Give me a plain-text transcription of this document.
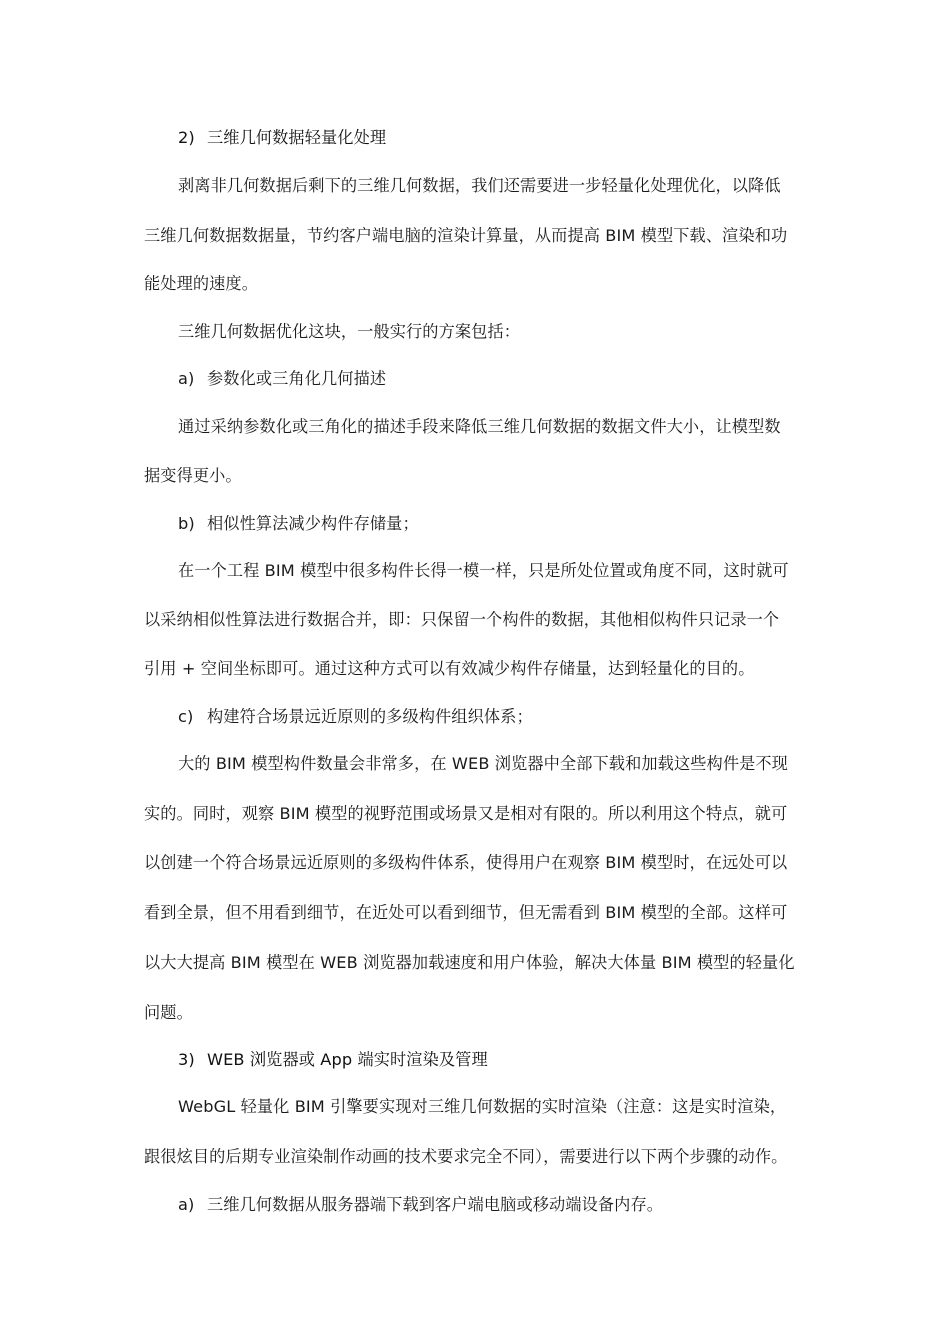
2) 三维几何数据轻量化处理
剥离非几何数据后剩下的三维几何数据，我们还需要进一步轻量化处理优化，以降低
三维几何数据数据量，节约客户端电脑的渲染计算量，从而提高 BIM 模型下载、渲染和功
能处理的速度。
三维几何数据优化这块，一般实行的方案包括：
a) 参数化或三角化几何描述
通过采纳参数化或三角化的描述手段来降低三维几何数据的数据文件大小，让模型数
据变得更小。
b) 相似性算法减少构件存储量；
在一个工程 BIM 模型中很多构件长得一模一样，只是所处位置或角度不同，这时就可
以采纳相似性算法进行数据合并，即：只保留一个构件的数据，其他相似构件只记录一个
引用 + 空间坐标即可。通过这种方式可以有效减少构件存储量，达到轻量化的目的。
c) 构建符合场景远近原则的多级构件组织体系；
大的 BIM 模型构件数量会非常多，在 WEB 浏览器中全部下载和加载这些构件是不现
实的。同时，观察 BIM 模型的视野范围或场景又是相对有限的。所以利用这个特点，就可
以创建一个符合场景远近原则的多级构件体系，使得用户在观察 BIM 模型时，在远处可以
看到全景，但不用看到细节，在近处可以看到细节，但无需看到 BIM 模型的全部。这样可
以大大提高 BIM 模型在 WEB 浏览器加载速度和用户体验，解决大体量 BIM 模型的轻量化
问题。
3) WEB 浏览器或 App 端实时渲染及管理
WebGL 轻量化 BIM 引擎要实现对三维几何数据的实时渲染（注意：这是实时渲染，
跟很炫目的后期专业渲染制作动画的技术要求完全不同），需要进行以下两个步骤的动作。
a) 三维几何数据从服务器端下载到客户端电脑或移动端设备内存。
